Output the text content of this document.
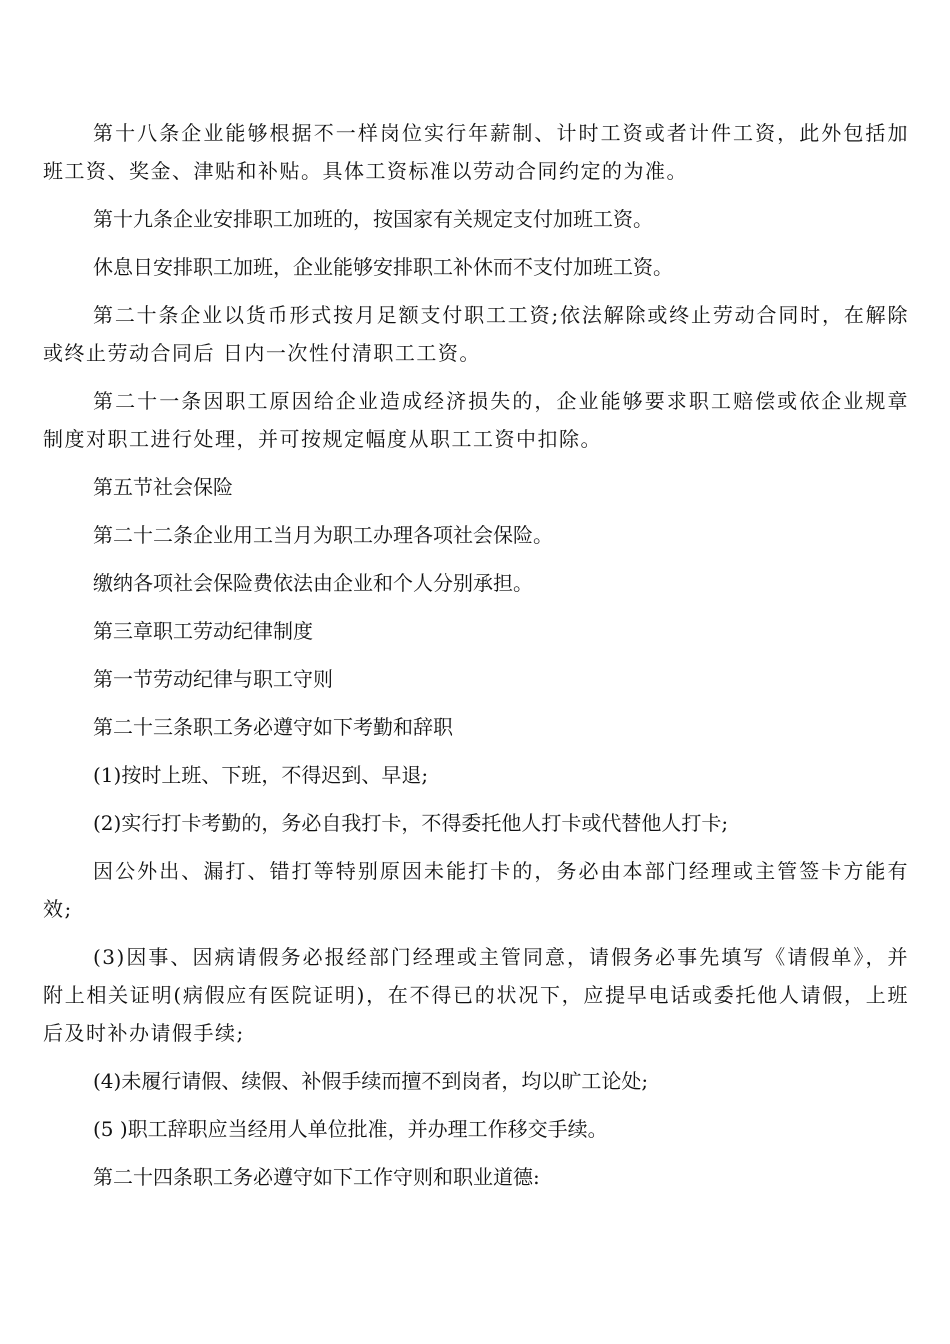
第十八条企业能够根据不一样岗位实行年薪制、计时工资或者计件工资，此外包括加班工资、奖金、津贴和补贴。具体工资标准以劳动合同约定的为准。

第十九条企业安排职工加班的，按国家有关规定支付加班工资。

休息日安排职工加班，企业能够安排职工补休而不支付加班工资。

第二十条企业以货币形式按月足额支付职工工资;依法解除或终止劳动合同时，在解除或终止劳动合同后 日内一次性付清职工工资。

第二十一条因职工原因给企业造成经济损失的，企业能够要求职工赔偿或依企业规章制度对职工进行处理，并可按规定幅度从职工工资中扣除。

第五节社会保险

第二十二条企业用工当月为职工办理各项社会保险。

缴纳各项社会保险费依法由企业和个人分别承担。

第三章职工劳动纪律制度

第一节劳动纪律与职工守则

第二十三条职工务必遵守如下考勤和辞职

(1)按时上班、下班，不得迟到、早退;

(2)实行打卡考勤的，务必自我打卡，不得委托他人打卡或代替他人打卡;

因公外出、漏打、错打等特别原因未能打卡的，务必由本部门经理或主管签卡方能有效;

(3)因事、因病请假务必报经部门经理或主管同意，请假务必事先填写《请假单》，并附上相关证明(病假应有医院证明)，在不得已的状况下，应提早电话或委托他人请假，上班后及时补办请假手续;

(4)未履行请假、续假、补假手续而擅不到岗者，均以旷工论处;

(5 )职工辞职应当经用人单位批准，并办理工作移交手续。

第二十四条职工务必遵守如下工作守则和职业道德:
